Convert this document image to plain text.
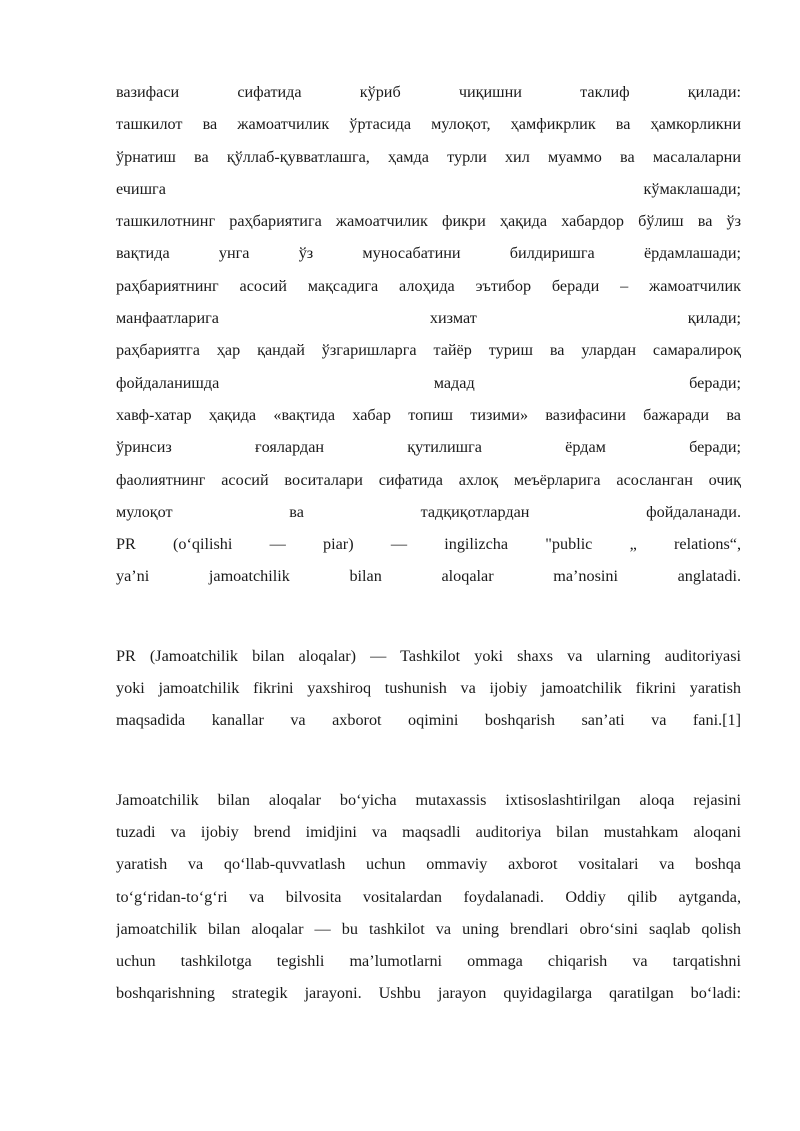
вазифаси сифатида кўриб чиқишни таклиф қилади:
ташкилот ва жамоатчилик ўртасида мулоқот, ҳамфикрлик ва ҳамкорликни
ўрнатиш ва қўллаб-қувватлашга, ҳамда турли хил муаммо ва масалаларни
ечишга кўмаклашади;
ташкилотнинг раҳбариятига жамоатчилик фикри ҳақида хабардор бўлиш ва ўз
вақтида унга ўз муносабатини билдиришга ёрдамлашади;
раҳбариятнинг асосий мақсадига алоҳида эътибор беради – жамоатчилик
манфаатларига хизмат қилади;
раҳбариятга ҳар қандай ўзгаришларга тайёр туриш ва улардан самаралироқ
фойдаланишда мадад беради;
хавф-хатар ҳақида «вақтида хабар топиш тизими» вазифасини бажаради ва
ўринсиз ғоялардан қутилишга ёрдам беради;
фаолиятнинг асосий воситалари сифатида ахлоқ меъёрларига асосланган очиқ
мулоқот ва тадқиқотлардан фойдаланади.
PR (oʻqilishi — piar) — ingilizcha "public „ relations“,
yaʼni jamoatchilik bilan aloqalar maʼnosini anglatadi.
PR (Jamoatchilik bilan aloqalar) — Tashkilot yoki shaxs va ularning auditoriyasi
yoki jamoatchilik fikrini yaxshiroq tushunish va ijobiy jamoatchilik fikrini yaratish
maqsadida kanallar va axborot oqimini boshqarish sanʼati va fani.[1]
Jamoatchilik bilan aloqalar boʻyicha mutaxassis ixtisoslashtirilgan aloqa rejasini
tuzadi va ijobiy brend imidjini va maqsadli auditoriya bilan mustahkam aloqani
yaratish va qoʻllab-quvvatlash uchun ommaviy axborot vositalari va boshqa
toʻgʻridan-toʻgʻri va bilvosita vositalardan foydalanadi. Oddiy qilib aytganda,
jamoatchilik bilan aloqalar — bu tashkilot va uning brendlari obroʻsini saqlab qolish
uchun tashkilotga tegishli maʼlumotlarni ommaga chiqarish va tarqatishni
boshqarishning strategik jarayoni. Ushbu jarayon quyidagilarga qaratilgan boʻladi:
